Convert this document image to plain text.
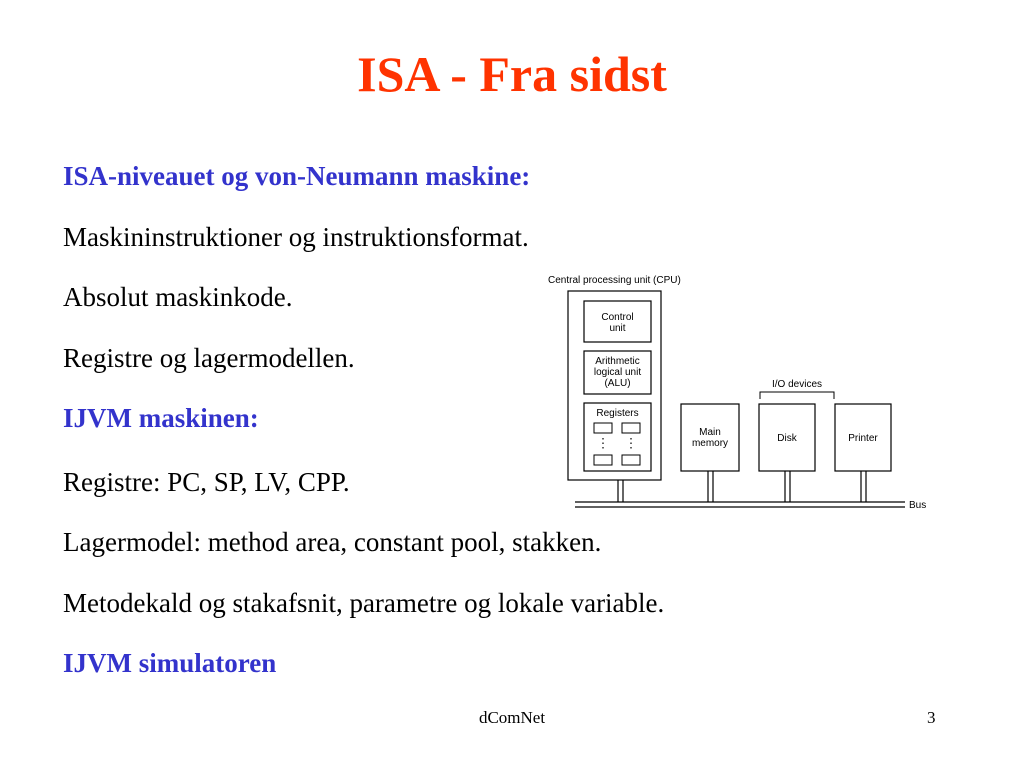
ISA - Fra sidst

ISA-niveauet og von-Neumann maskine:

Maskininstruktioner og instruktionsformat.

Absolut maskinkode.

Registre og lagermodellen.

IJVM maskinen:

Registre: PC, SP, LV, CPP.

Lagermodel: method area, constant pool, stakken.

Metodekald og stakafsnit, parametre og lokale variable.

IJVM simulatoren

Central processing unit (CPU)
Control
unit
Arithmetic
logical unit
(ALU)
Registers
Main
memory
I/O devices
Disk	Printer
Bus
dComNet	3
